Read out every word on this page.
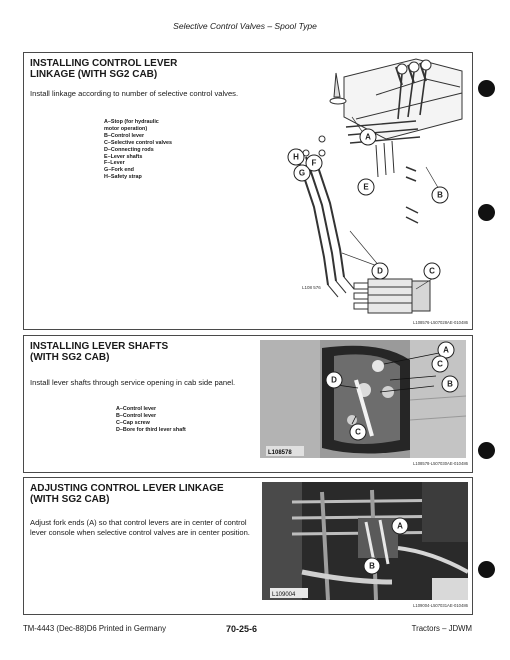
Selective Control Valves – Spool Type
INSTALLING CONTROL LEVER
LINKAGE (WITH SG2 CAB)
Install linkage according to number of selective control valves.
A–Stop (for hydraulic
motor operation)
B–Control lever
C–Selective control valves
D–Connecting rods
E–Lever shafts
F–Lever
G–Fork end
H–Safety strap
A
B
C
D
E
F
G
H
L108 576
L108576-L507028AE-010486
INSTALLING LEVER SHAFTS
(WITH SG2 CAB)
Install lever shafts through service opening in cab side panel.
A–Control lever
B–Control lever
C–Cap screw
D–Bore for third lever shaft
A
B
C
C
D
L108578
L108578-L507030AE-010486
ADJUSTING CONTROL LEVER LINKAGE
(WITH SG2 CAB)
Adjust fork ends (A) so that control levers are in center of control lever console when selective control valves are in center position.
A
B
L109004
L109004-L507031AE-010486
TM-4443 (Dec-88)D6 Printed in Germany	70-25-6	Tractors – JDWM
